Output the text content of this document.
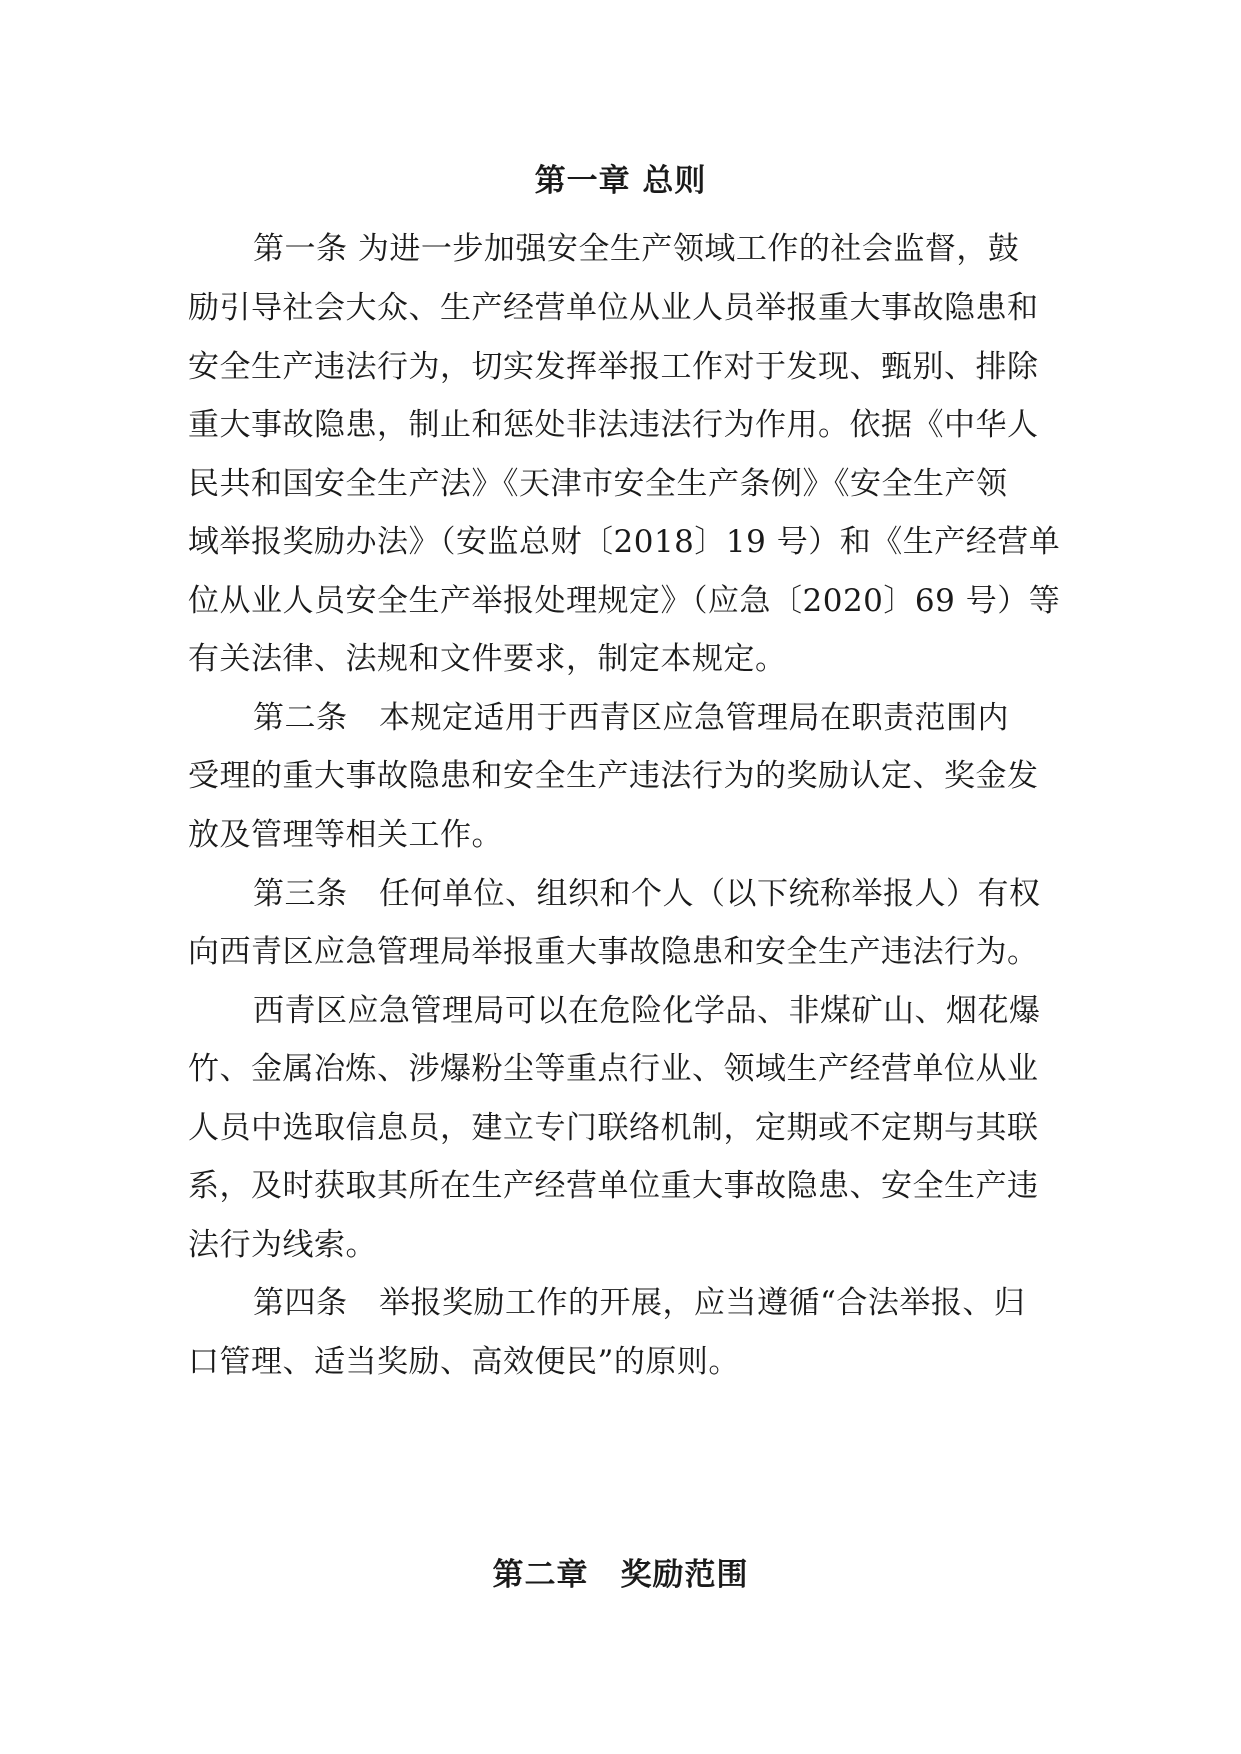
第一章 总则
第一条 为进一步加强安全生产领域工作的社会监督，鼓
励引导社会大众、生产经营单位从业人员举报重大事故隐患和
安全生产违法行为，切实发挥举报工作对于发现、甄别、排除
重大事故隐患，制止和惩处非法违法行为作用。依据《中华人
民共和国安全生产法》《天津市安全生产条例》《安全生产领
域举报奖励办法》（安监总财〔2018〕19 号）和《生产经营单
位从业人员安全生产举报处理规定》（应急〔2020〕69 号）等
有关法律、法规和文件要求，制定本规定。
第二条　本规定适用于西青区应急管理局在职责范围内
受理的重大事故隐患和安全生产违法行为的奖励认定、奖金发
放及管理等相关工作。
第三条　任何单位、组织和个人（以下统称举报人）有权
向西青区应急管理局举报重大事故隐患和安全生产违法行为。
西青区应急管理局可以在危险化学品、非煤矿山、烟花爆
竹、金属冶炼、涉爆粉尘等重点行业、领域生产经营单位从业
人员中选取信息员，建立专门联络机制，定期或不定期与其联
系，及时获取其所在生产经营单位重大事故隐患、安全生产违
法行为线索。
第四条　举报奖励工作的开展，应当遵循“合法举报、归
口管理、适当奖励、高效便民”的原则。
第二章　奖励范围
